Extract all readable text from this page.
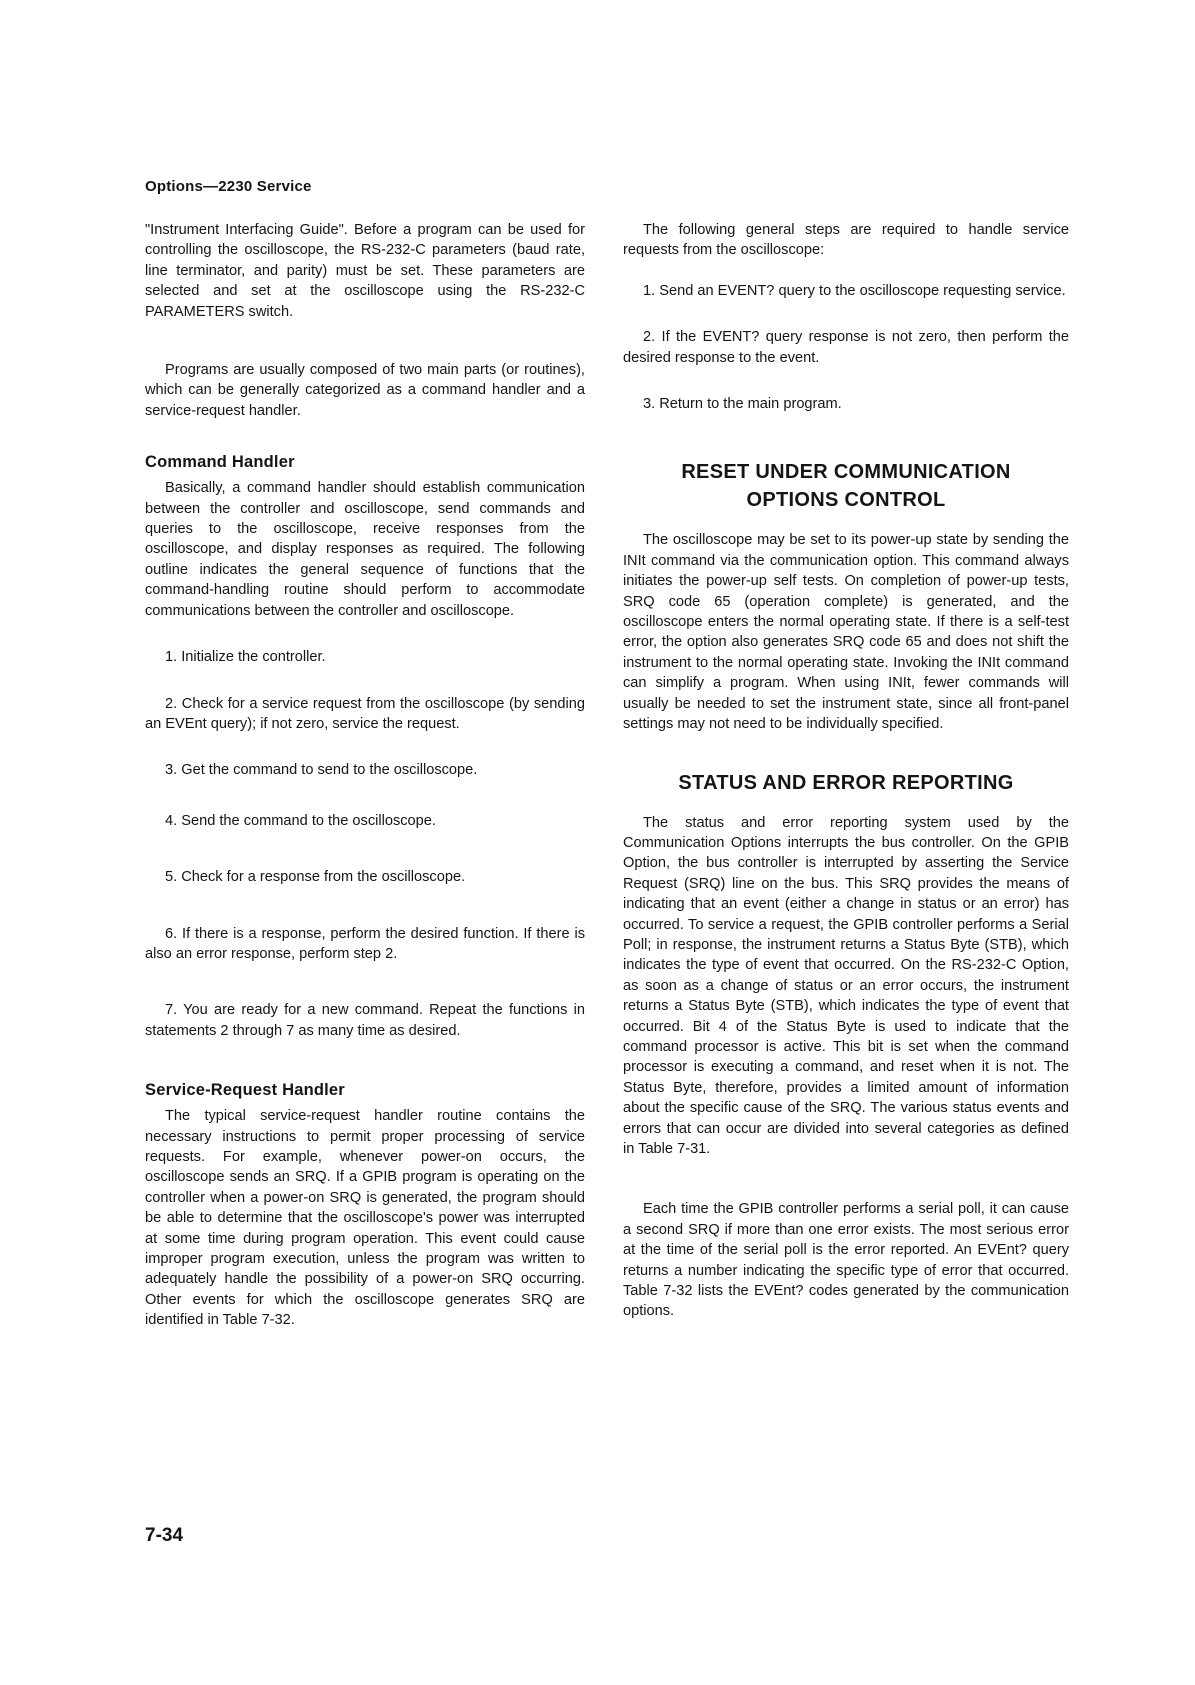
Options—2230 Service

"Instrument Interfacing Guide". Before a program can be used for controlling the oscilloscope, the RS-232-C parameters (baud rate, line terminator, and parity) must be set. These parameters are selected and set at the oscilloscope using the RS-232-C PARAMETERS switch.

Programs are usually composed of two main parts (or routines), which can be generally categorized as a command handler and a service-request handler.

Command Handler

Basically, a command handler should establish communication between the controller and oscilloscope, send commands and queries to the oscilloscope, receive responses from the oscilloscope, and display responses as required. The following outline indicates the general sequence of functions that the command-handling routine should perform to accommodate communications between the controller and oscilloscope.

1. Initialize the controller.

2. Check for a service request from the oscilloscope (by sending an EVEnt query); if not zero, service the request.

3. Get the command to send to the oscilloscope.

4. Send the command to the oscilloscope.

5. Check for a response from the oscilloscope.

6. If there is a response, perform the desired function. If there is also an error response, perform step 2.

7. You are ready for a new command. Repeat the functions in statements 2 through 7 as many time as desired.

Service-Request Handler

The typical service-request handler routine contains the necessary instructions to permit proper processing of service requests. For example, whenever power-on occurs, the oscilloscope sends an SRQ. If a GPIB program is operating on the controller when a power-on SRQ is generated, the program should be able to determine that the oscilloscope's power was interrupted at some time during program operation. This event could cause improper program execution, unless the program was written to adequately handle the possibility of a power-on SRQ occurring. Other events for which the oscilloscope generates SRQ are identified in Table 7-32.

The following general steps are required to handle service requests from the oscilloscope:

1. Send an EVENT? query to the oscilloscope requesting service.

2. If the EVENT? query response is not zero, then perform the desired response to the event.

3. Return to the main program.

RESET UNDER COMMUNICATION
OPTIONS CONTROL

The oscilloscope may be set to its power-up state by sending the INIt command via the communication option. This command always initiates the power-up self tests. On completion of power-up tests, SRQ code 65 (operation complete) is generated, and the oscilloscope enters the normal operating state. If there is a self-test error, the option also generates SRQ code 65 and does not shift the instrument to the normal operating state. Invoking the INIt command can simplify a program. When using INIt, fewer commands will usually be needed to set the instrument state, since all front-panel settings may not need to be individually specified.

STATUS AND ERROR REPORTING

The status and error reporting system used by the Communication Options interrupts the bus controller. On the GPIB Option, the bus controller is interrupted by asserting the Service Request (SRQ) line on the bus. This SRQ provides the means of indicating that an event (either a change in status or an error) has occurred. To service a request, the GPIB controller performs a Serial Poll; in response, the instrument returns a Status Byte (STB), which indicates the type of event that occurred. On the RS-232-C Option, as soon as a change of status or an error occurs, the instrument returns a Status Byte (STB), which indicates the type of event that occurred. Bit 4 of the Status Byte is used to indicate that the command processor is active. This bit is set when the command processor is executing a command, and reset when it is not. The Status Byte, therefore, provides a limited amount of information about the specific cause of the SRQ. The various status events and errors that can occur are divided into several categories as defined in Table 7-31.

Each time the GPIB controller performs a serial poll, it can cause a second SRQ if more than one error exists. The most serious error at the time of the serial poll is the error reported. An EVEnt? query returns a number indicating the specific type of error that occurred. Table 7-32 lists the EVEnt? codes generated by the communication options.

7-34
